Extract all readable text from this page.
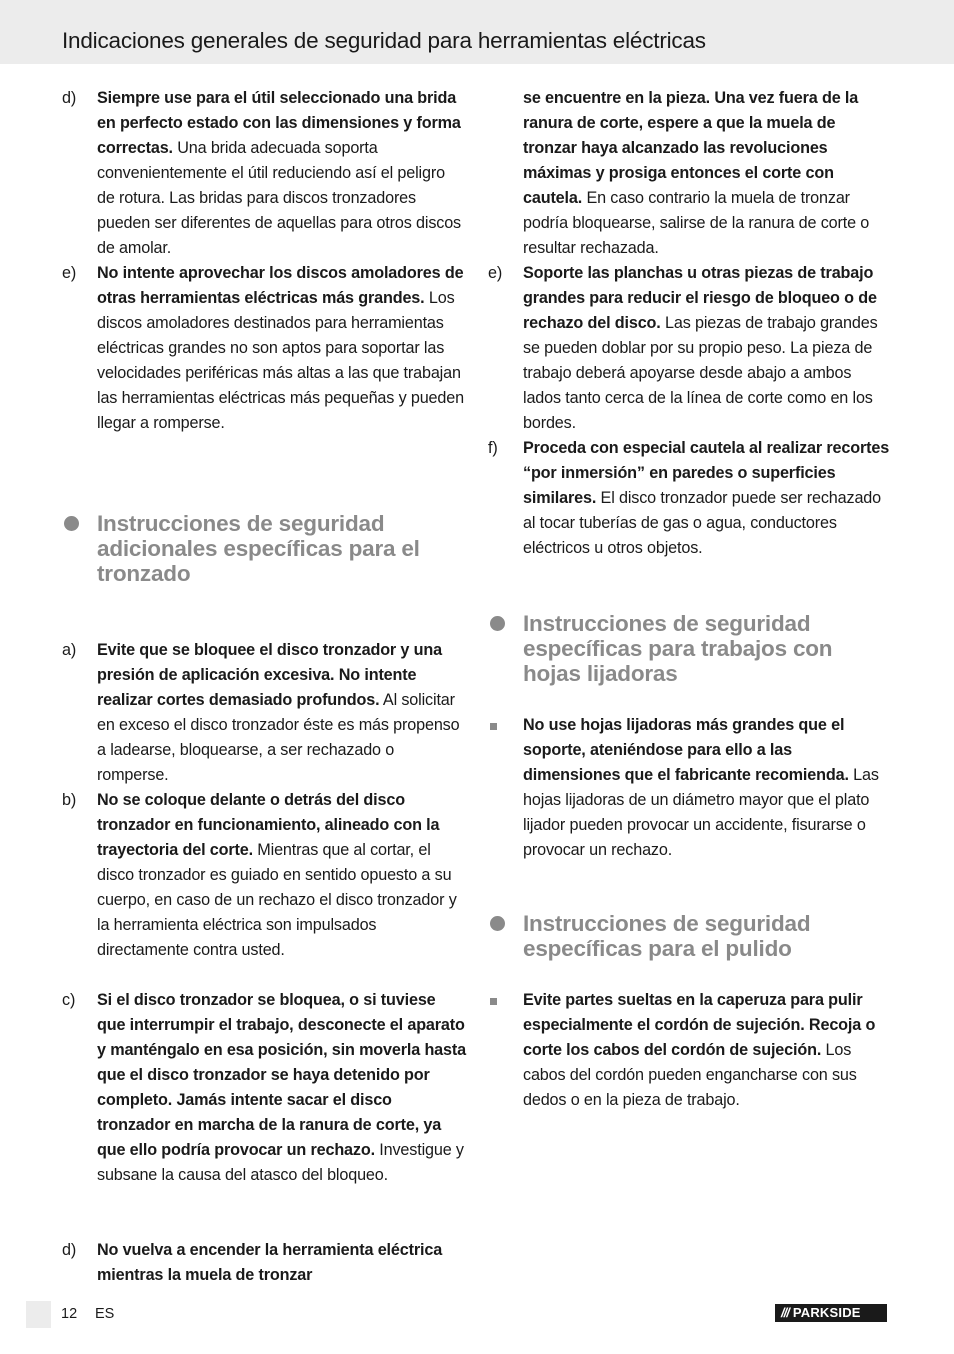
Indicaciones generales de seguridad para herramientas eléctricas
d)	Siempre use para el útil seleccionado una brida en perfecto estado con las dimensiones y forma correctas. Una brida adecuada soporta convenientemente el útil reduciendo así el peligro de rotura. Las bridas para discos tronzadores pueden ser diferentes de aquellas para otros discos de amolar.
e)	No intente aprovechar los discos amoladores de otras herramientas eléctricas más grandes. Los discos amoladores destinados para herramientas eléctricas grandes no son aptos para soportar las velocidades periféricas más altas a las que trabajan las herramientas eléctricas más pequeñas y pueden llegar a romperse.
Instrucciones de seguridad adicionales específicas para el tronzado
a)	Evite que se bloquee el disco tronzador y una presión de aplicación excesiva. No intente realizar cortes demasiado profundos. Al solicitar en exceso el disco tronzador éste es más propenso a ladearse, bloquearse, a ser rechazado o romperse.
b)	No se coloque delante o detrás del disco tronzador en funcionamiento, alineado con la trayectoria del corte. Mientras que al cortar, el disco tronzador es guiado en sentido opuesto a su cuerpo, en caso de un rechazo el disco tronzador y la herramienta eléctrica son impulsados directamente contra usted.
c)	Si el disco tronzador se bloquea, o si tuviese que interrumpir el trabajo, desconecte el aparato y manténgalo en esa posición, sin moverla hasta que el disco tronzador se haya detenido por completo. Jamás intente sacar el disco tronzador en marcha de la ranura de corte, ya que ello podría provocar un rechazo. Investigue y subsane la causa del atasco del bloqueo.
d)	No vuelva a encender la herramienta eléctrica mientras la muela de tronzar
se encuentre en la pieza. Una vez fuera de la ranura de corte, espere a que la muela de tronzar haya alcanzado las revoluciones máximas y prosiga entonces el corte con cautela. En caso contrario la muela de tronzar podría bloquearse, salirse de la ranura de corte o resultar rechazada.
e)	Soporte las planchas u otras piezas de trabajo grandes para reducir el riesgo de bloqueo o de rechazo del disco. Las piezas de trabajo grandes se pueden doblar por su propio peso. La pieza de trabajo deberá apoyarse desde abajo a ambos lados tanto cerca de la línea de corte como en los bordes.
f)	Proceda con especial cautela al realizar recortes “por inmersión” en paredes o superficies similares. El disco tronzador puede ser rechazado al tocar tuberías de gas o agua, conductores eléctricos u otros objetos.
Instrucciones de seguridad específicas para trabajos con hojas lijadoras
No use hojas lijadoras más grandes que el soporte, ateniéndose para ello a las dimensiones que el fabricante recomienda. Las hojas lijadoras de un diámetro mayor que el plato lijador pueden provocar un accidente, fisurarse o provocar un rechazo.
Instrucciones de seguridad específicas para el pulido
Evite partes sueltas en la caperuza para pulir especialmente el cordón de sujeción. Recoja o corte los cabos del cordón de sujeción. Los cabos del cordón pueden engancharse con sus dedos o en la pieza de trabajo.
12 ES	/// PARKSIDE
